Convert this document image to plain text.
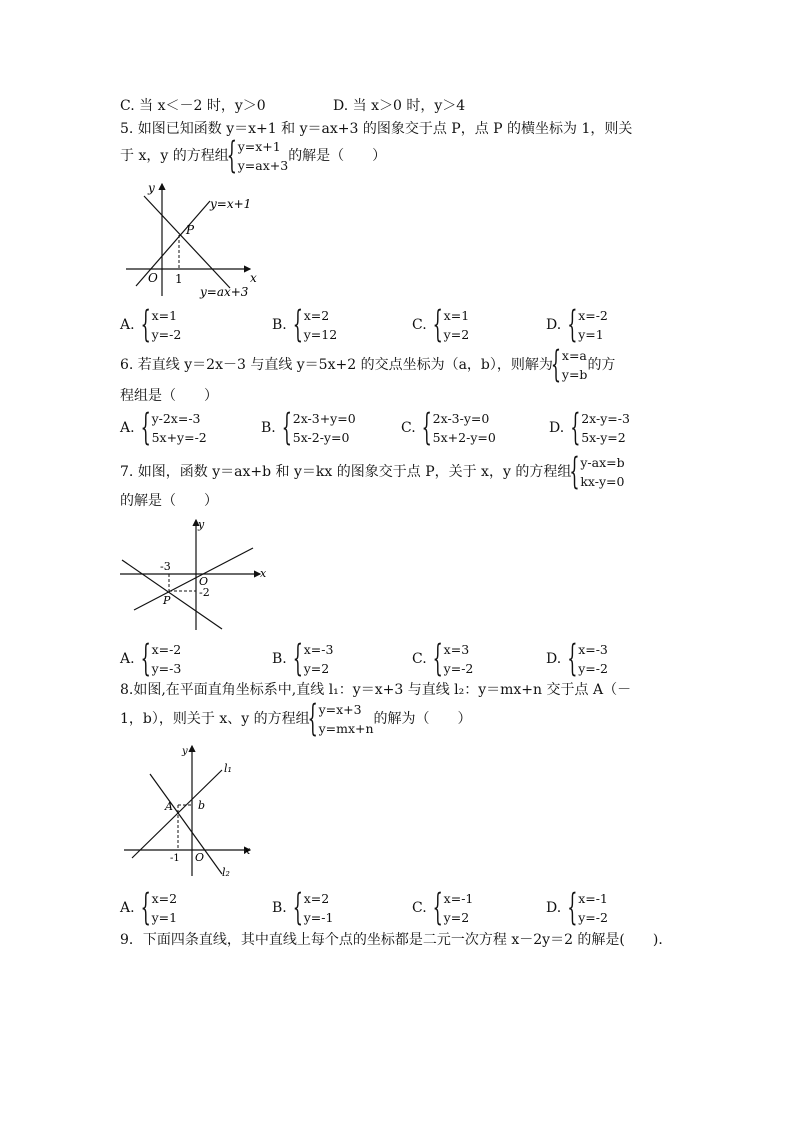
C. 当 x＜－2 时，y＞0	D. 当 x＞0 时，y＞4
5. 如图已知函数 y＝x+1 和 y＝ax+3 的图象交于点 P，点 P 的横坐标为 1，则关
于 x，y 的方程组
{ y=x+1
y=ax+3
的解是（　　）
y
x
O 1
P
y=x+1
y=ax+3
A.
{ x=1
y=-2
B.
{ x=2
y=12
C.
{ x=1
y=2
D.
{ x=-2
y=1
6. 若直线 y＝2x－3 与直线 y＝5x+2 的交点坐标为（a，b），则解为
{ x=a
y=b
的方
程组是（　　）
A.
{ y-2x=-3
5x+y=-2
B.
{ 2x-3+y=0
5x-2-y=0
C.
{ 2x-3-y=0
5x+2-y=0
D.
{ 2x-y=-3
5x-y=2
7. 如图，函数 y＝ax+b 和 y＝kx 的图象交于点 P，关于 x，y 的方程组
{ y-ax=b
kx-y=0
的解是（　　）
y
x
O
-3
-2
P
A.
{ x=-2
y=-3
B.
{ x=-3
y=2
C.
{ x=3
y=-2
D.
{ x=-3
y=-2
8.如图,在平面直角坐标系中,直线 l₁：y＝x+3 与直线 l₂：y＝mx+n 交于点 A（－
1，b），则关于 x、y 的方程组
{ y=x+3
y=mx+n
的解为（　　）
y
x
O
-1
b
A
l₁
l₂
A.
{ x=2
y=1
B.
{ x=2
y=-1
C.
{ x=-1
y=2
D.
{ x=-1
y=-2
9．下面四条直线，其中直线上每个点的坐标都是二元一次方程 x－2y＝2 的解是(　　)．
